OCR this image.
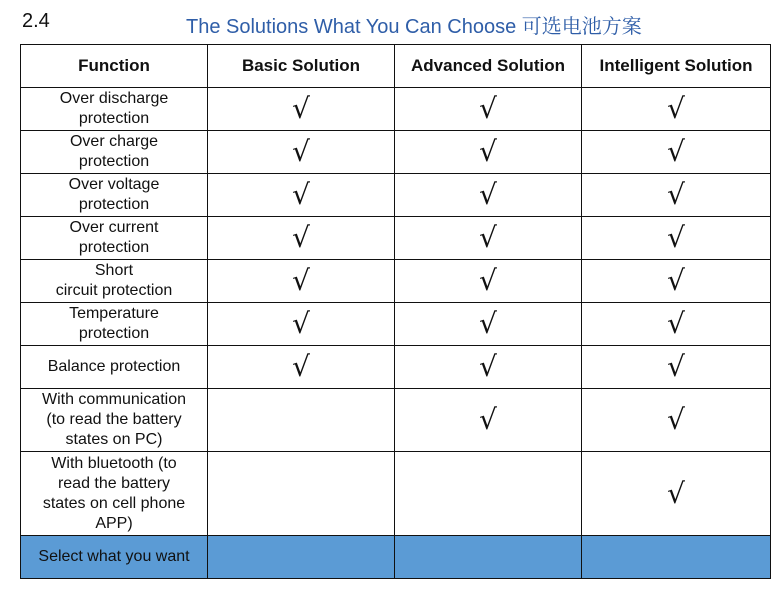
2.4	The Solutions What You Can Choose 可选电池方案
Function	Basic Solution	Advanced Solution	Intelligent Solution
Over discharge
protection	√	√	√
Over charge
protection	√	√	√
Over voltage
protection	√	√	√
Over current
protection	√	√	√
Short
circuit protection	√	√	√
Temperature
protection	√	√	√
Balance protection	√	√	√
With communication
(to read the battery
states on PC)		√	√
With bluetooth (to
read the battery
states on cell phone
APP)			√
Select what you want			
